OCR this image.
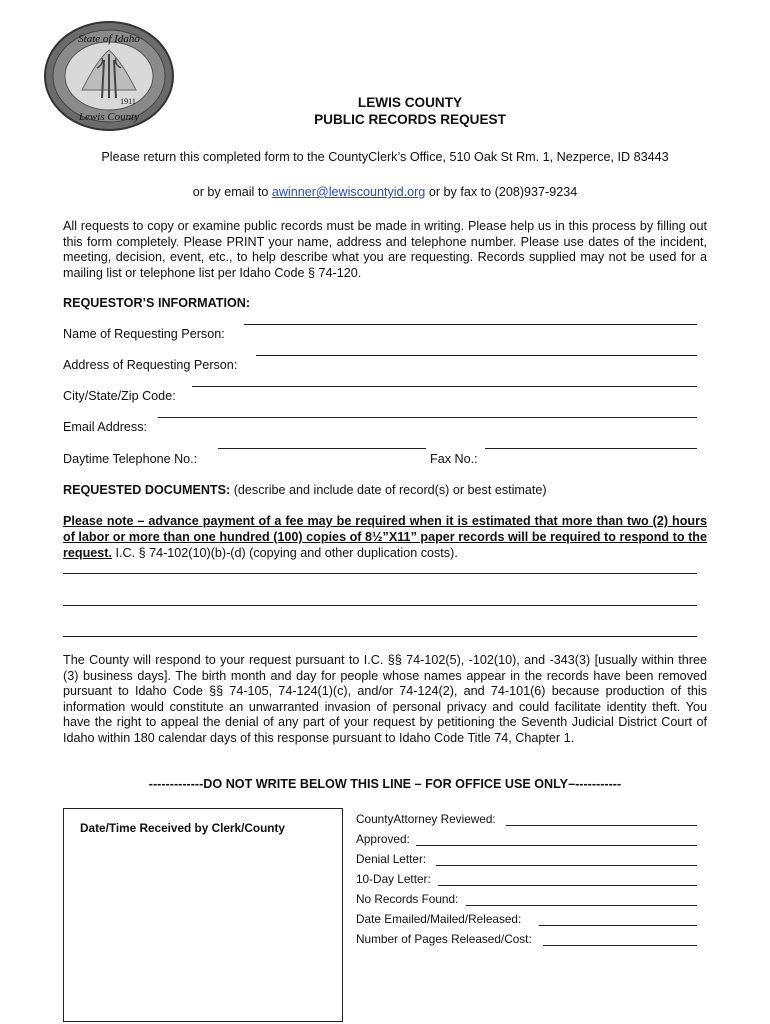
State of Idaho
Lewis County
1911	LEWIS COUNTY
PUBLIC RECORDS REQUEST
Please return this completed form to the CountyClerk’s Office, 510 Oak St Rm. 1, Nezperce, ID 83443
or by email to awinner@lewiscountyid.org or by fax to (208)937-9234
All requests to copy or examine public records must be made in writing. Please help us in this process by filling out this form completely. Please PRINT your name, address and telephone number. Please use dates of the incident, meeting, decision, event, etc., to help describe what you are requesting. Records supplied may not be used for a mailing list or telephone list per Idaho Code § 74-120.
REQUESTOR’S INFORMATION:
Name of Requesting Person:
Address of Requesting Person:
City/State/Zip Code:
Email Address:
Daytime Telephone No.:	Fax No.:
REQUESTED DOCUMENTS: (describe and include date of record(s) or best estimate)
Please note – advance payment of a fee may be required when it is estimated that more than two (2) hours of labor or more than one hundred (100) copies of 8½”X11” paper records will be required to respond to the request. I.C. § 74-102(10)(b)-(d) (copying and other duplication costs).
The County will respond to your request pursuant to I.C. §§ 74-102(5), -102(10), and -343(3) [usually within three (3) business days]. The birth month and day for people whose names appear in the records have been removed pursuant to Idaho Code §§ 74-105, 74-124(1)(c), and/or 74-124(2), and 74-101(6) because production of this information would constitute an unwarranted invasion of personal privacy and could facilitate identity theft. You have the right to appeal the denial of any part of your request by petitioning the Seventh Judicial District Court of Idaho within 180 calendar days of this response pursuant to Idaho Code Title 74, Chapter 1.
-------------DO NOT WRITE BELOW THIS LINE – FOR OFFICE USE ONLY–-----------
Date/Time Received by Clerk/County
CountyAttorney Reviewed:
Approved:
Denial Letter:
10-Day Letter:
No Records Found:
Date Emailed/Mailed/Released:
Number of Pages Released/Cost:
